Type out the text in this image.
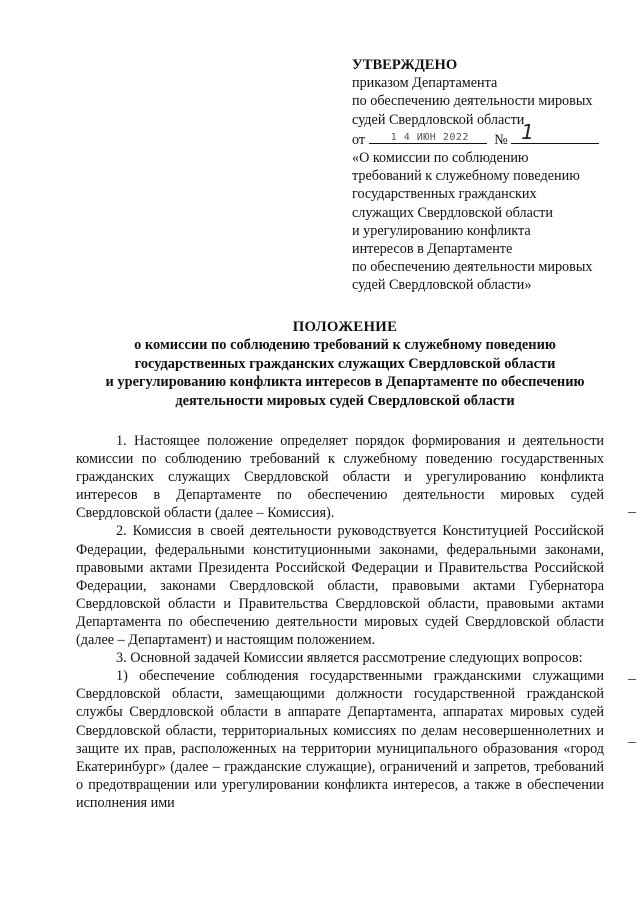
УТВЕРЖДЕНО
приказом Департамента
по обеспечению деятельности мировых
судей Свердловской области
от	1 4 ИЮН 2022 № 1
«О комиссии по соблюдению
требований к служебному поведению
государственных гражданских
служащих Свердловской области
и урегулированию конфликта
интересов в Департаменте
по обеспечению деятельности мировых
судей Свердловской области»
ПОЛОЖЕНИЕ
о комиссии по соблюдению требований к служебному поведению
государственных гражданских служащих Свердловской области
и урегулированию конфликта интересов в Департаменте по обеспечению
деятельности мировых судей Свердловской области

1. Настоящее положение определяет порядок формирования и деятельности комиссии по соблюдению требований к служебному поведению государственных гражданских служащих Свердловской области и урегулированию конфликта интересов в Департаменте по обеспечению деятельности мировых судей Свердловской области (далее – Комиссия).

2. Комиссия в своей деятельности руководствуется Конституцией Российской Федерации, федеральными конституционными законами, федеральными законами, правовыми актами Президента Российской Федерации и Правительства Российской Федерации, законами Свердловской области, правовыми актами Губернатора Свердловской области и Правительства Свердловской области, правовыми актами Департамента по обеспечению деятельности мировых судей Свердловской области (далее – Департамент) и настоящим положением.

3. Основной задачей Комиссии является рассмотрение следующих вопросов:

1) обеспечение соблюдения государственными гражданскими служащими Свердловской области, замещающими должности государственной гражданской службы Свердловской области в аппарате Департамента, аппаратах мировых судей Свердловской области, территориальных комиссиях по делам несовершеннолетних и защите их прав, расположенных на территории муниципального образования «город Екатеринбург» (далее – гражданские служащие), ограничений и запретов, требований о предотвращении или урегулировании конфликта интересов, а также в обеспечении исполнения ими
